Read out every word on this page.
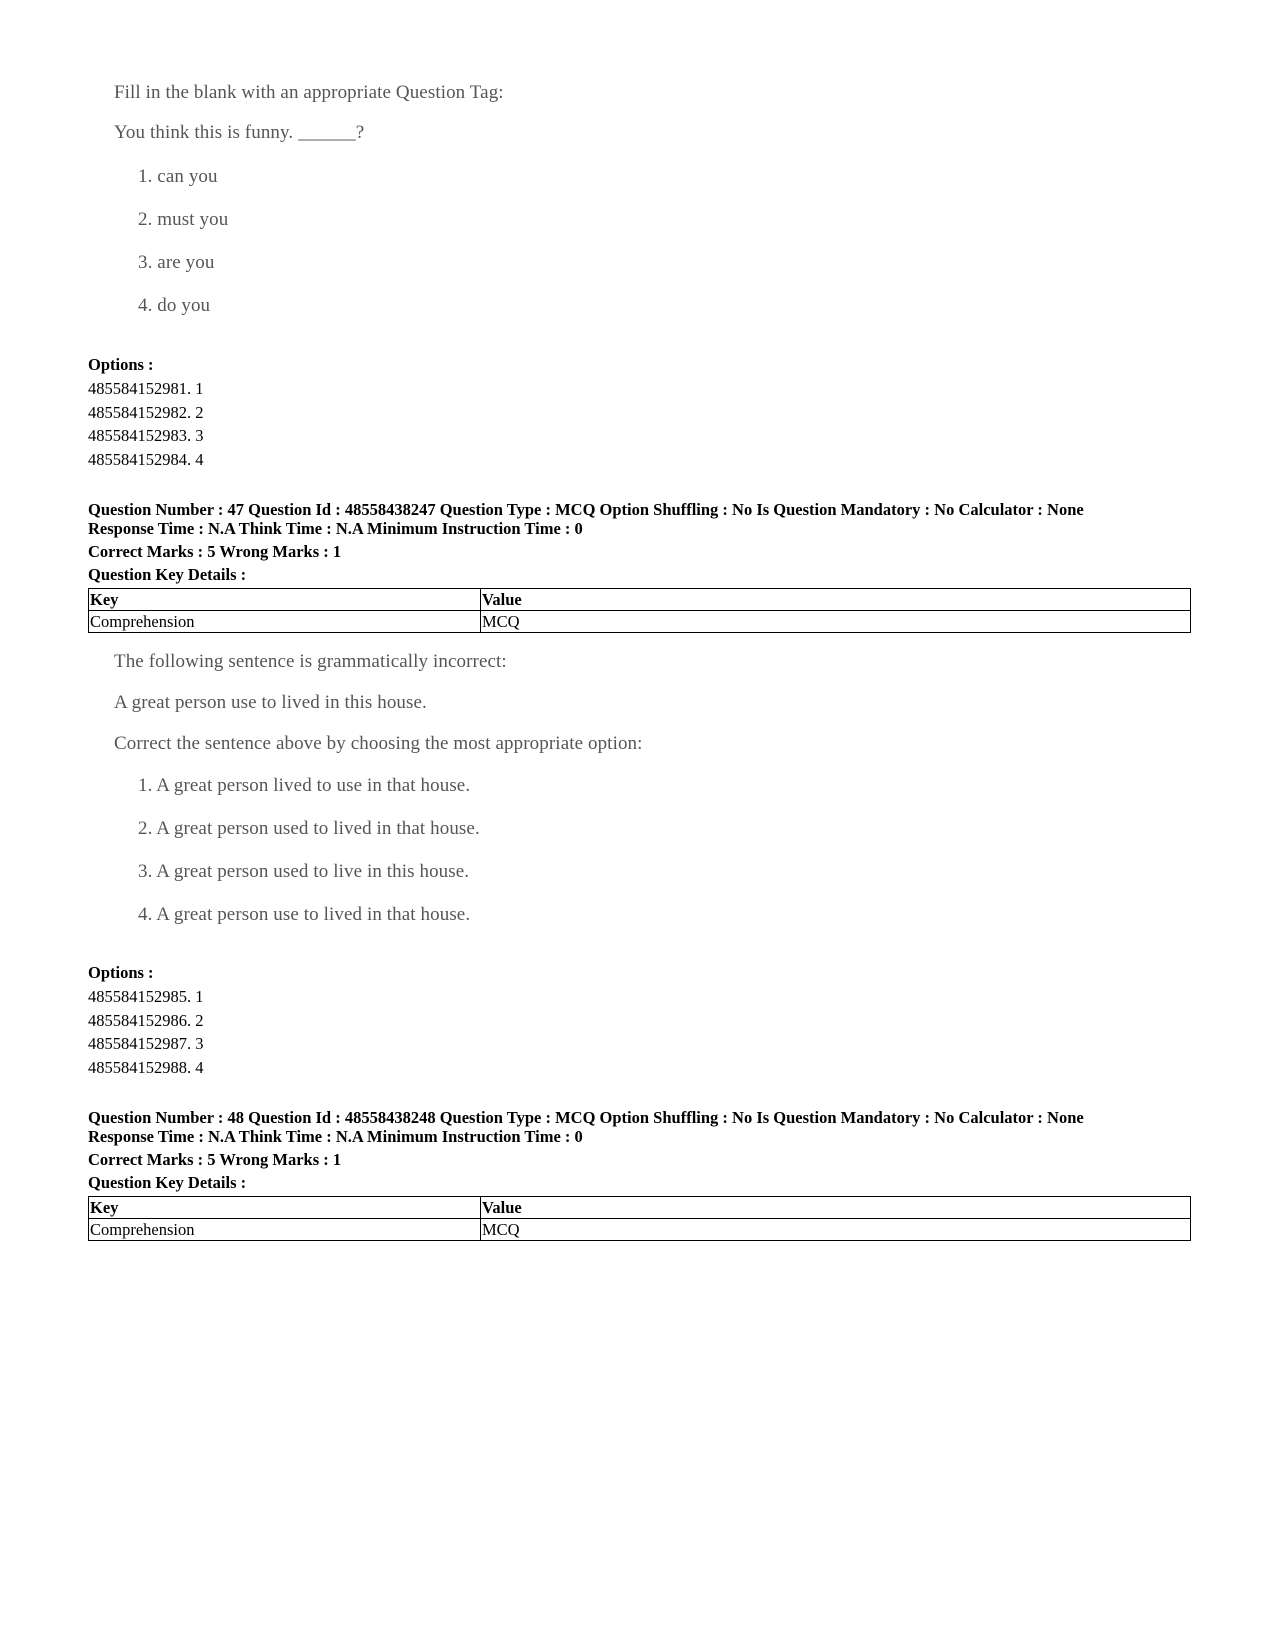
Fill in the blank with an appropriate Question Tag:
You think this is funny. ______?
1. can you
2. must you
3. are you
4. do you
Options :
485584152981. 1
485584152982. 2
485584152983. 3
485584152984. 4
Question Number : 47 Question Id : 48558438247 Question Type : MCQ Option Shuffling : No Is Question Mandatory : No Calculator : None
Response Time : N.A Think Time : N.A Minimum Instruction Time : 0
Correct Marks : 5 Wrong Marks : 1
Question Key Details :
Key	Value
Comprehension	MCQ
The following sentence is grammatically incorrect:
A great person use to lived in this house.
Correct the sentence above by choosing the most appropriate option:
1. A great person lived to use in that house.
2. A great person used to lived in that house.
3. A great person used to live in this house.
4. A great person use to lived in that house.
Options :
485584152985. 1
485584152986. 2
485584152987. 3
485584152988. 4
Question Number : 48 Question Id : 48558438248 Question Type : MCQ Option Shuffling : No Is Question Mandatory : No Calculator : None
Response Time : N.A Think Time : N.A Minimum Instruction Time : 0
Correct Marks : 5 Wrong Marks : 1
Question Key Details :
Key	Value
Comprehension	MCQ
